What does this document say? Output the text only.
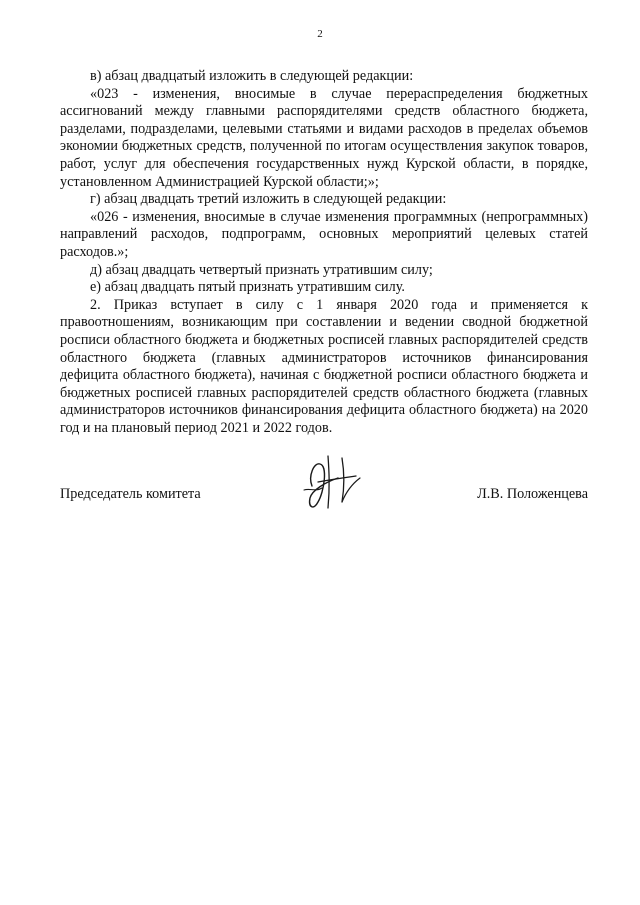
2

в) абзац двадцатый изложить в следующей редакции:

«023 - изменения, вносимые в случае перераспределения бюджетных ассигнований между главными распорядителями средств областного бюджета, разделами, подразделами, целевыми статьями и видами расходов в пределах объемов экономии бюджетных средств, полученной по итогам осуществления закупок товаров, работ, услуг для обеспечения государственных нужд Курской области, в порядке, установленном Администрацией Курской области;»;

г) абзац двадцать третий изложить в следующей редакции:

«026 - изменения, вносимые в случае изменения программных (непрограммных) направлений расходов, подпрограмм, основных мероприятий целевых статей расходов.»;

д) абзац двадцать четвертый признать утратившим силу;

е) абзац двадцать пятый признать утратившим силу.

2. Приказ вступает в силу с 1 января 2020 года и применяется к правоотношениям, возникающим при составлении и ведении сводной бюджетной росписи областного бюджета и бюджетных росписей главных распорядителей средств областного бюджета (главных администраторов источников финансирования дефицита областного бюджета), начиная с бюджетной росписи областного бюджета и бюджетных росписей главных распорядителей средств областного бюджета (главных администраторов источников финансирования дефицита областного бюджета) на 2020 год и на плановый период 2021 и 2022 годов.

Председатель комитета	Л.В. Положенцева
